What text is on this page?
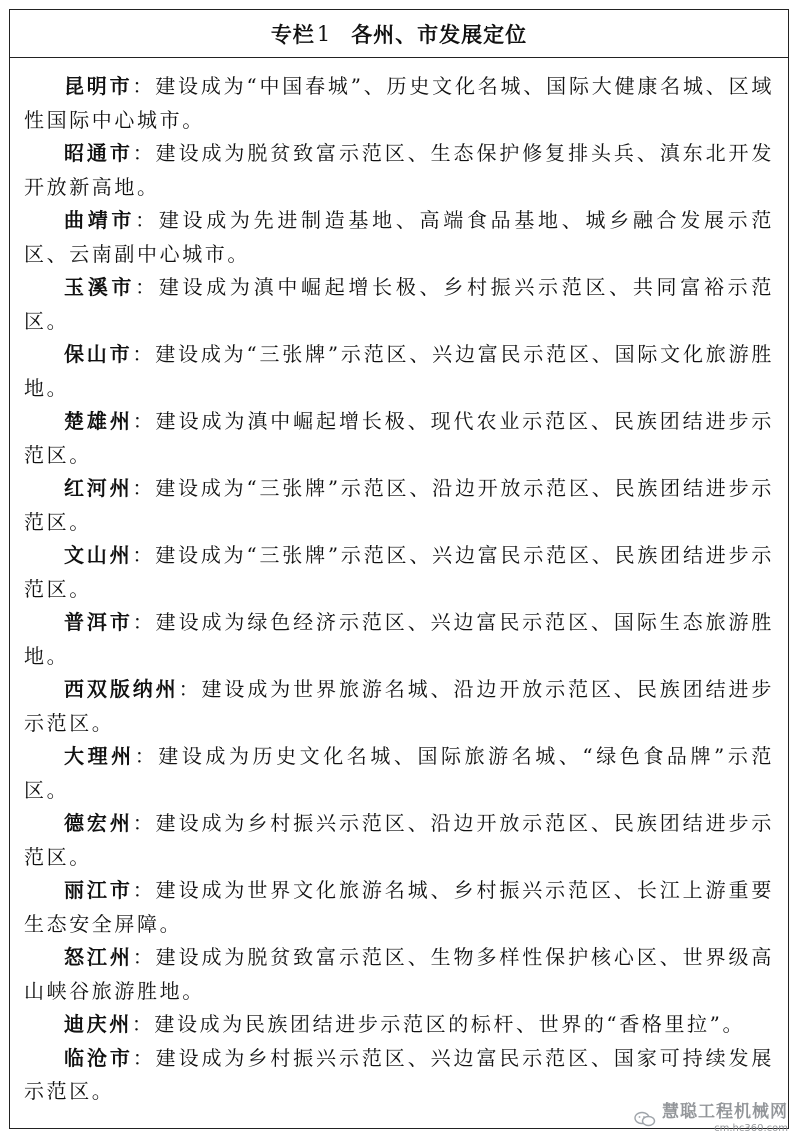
专栏 1 各州、市发展定位

昆明市：建设成为“中国春城”、历史文化名城、国际大健康名城、区域性国际中心城市。

昭通市：建设成为脱贫致富示范区、生态保护修复排头兵、滇东北开发开放新高地。

曲靖市：建设成为先进制造基地、高端食品基地、城乡融合发展示范区、云南副中心城市。

玉溪市：建设成为滇中崛起增长极、乡村振兴示范区、共同富裕示范区。

保山市：建设成为“三张牌”示范区、兴边富民示范区、国际文化旅游胜地。

楚雄州：建设成为滇中崛起增长极、现代农业示范区、民族团结进步示范区。

红河州：建设成为“三张牌”示范区、沿边开放示范区、民族团结进步示范区。

文山州：建设成为“三张牌”示范区、兴边富民示范区、民族团结进步示范区。

普洱市：建设成为绿色经济示范区、兴边富民示范区、国际生态旅游胜地。

西双版纳州：建设成为世界旅游名城、沿边开放示范区、民族团结进步示范区。

大理州：建设成为历史文化名城、国际旅游名城、“绿色食品牌”示范区。

德宏州：建设成为乡村振兴示范区、沿边开放示范区、民族团结进步示范区。

丽江市：建设成为世界文化旅游名城、乡村振兴示范区、长江上游重要生态安全屏障。

怒江州：建设成为脱贫致富示范区、生物多样性保护核心区、世界级高山峡谷旅游胜地。

迪庆州：建设成为民族团结进步示范区的标杆、世界的“香格里拉”。

临沧市：建设成为乡村振兴示范区、兴边富民示范区、国家可持续发展示范区。

慧聪工程机械网
cm.hc360.com
